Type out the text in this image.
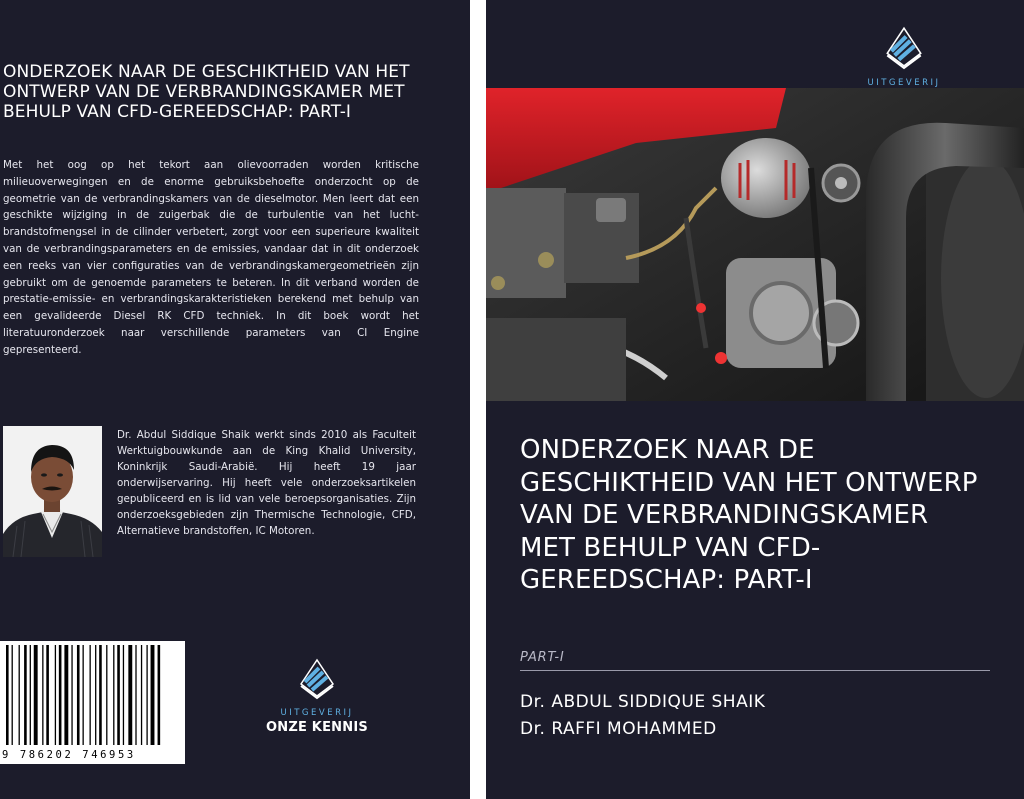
ONDERZOEK NAAR DE GESCHIKTHEID VAN HET ONTWERP VAN DE VERBRANDINGSKAMER MET BEHULP VAN CFD-GEREEDSCHAP: PART-I
Met het oog op het tekort aan olievoorraden worden kritische milieuoverwegingen en de enorme gebruiksbehoefte onderzocht op de geometrie van de verbrandingskamers van de dieselmotor. Men leert dat een geschikte wijziging in de zuigerbak die de turbulentie van het lucht-brandstofmengsel in de cilinder verbetert, zorgt voor een superieure kwaliteit van de verbrandingsparameters en de emissies, vandaar dat in dit onderzoek een reeks van vier configuraties van de verbrandingskamergeometrieën zijn gebruikt om de genoemde parameters te beteren. In dit verband worden de prestatie-emissie- en verbrandingskarakteristieken berekend met behulp van een gevalideerde Diesel RK CFD techniek. In dit boek wordt het literatuuronderzoek naar verschillende parameters van CI Engine gepresenteerd.
Dr. Abdul Siddique Shaik werkt sinds 2010 als Faculteit Werktuigbouwkunde aan de King Khalid University, Koninkrijk Saudi-Arabië. Hij heeft 19 jaar onderwijservaring. Hij heeft vele onderzoeksartikelen gepubliceerd en is lid van vele beroepsorganisaties. Zijn onderzoeksgebieden zijn Thermische Technologie, CFD, Alternatieve brandstoffen, IC Motoren.
9 786202 746953
UITGEVERIJ
ONZE KENNIS
UITGEVERIJ
ONDERZOEK NAAR DE GESCHIKTHEID VAN HET ONTWERP VAN DE VERBRANDINGSKAMER MET BEHULP VAN CFD-GEREEDSCHAP: PART-I
PART-I
Dr. ABDUL SIDDIQUE SHAIK
Dr. RAFFI MOHAMMED
